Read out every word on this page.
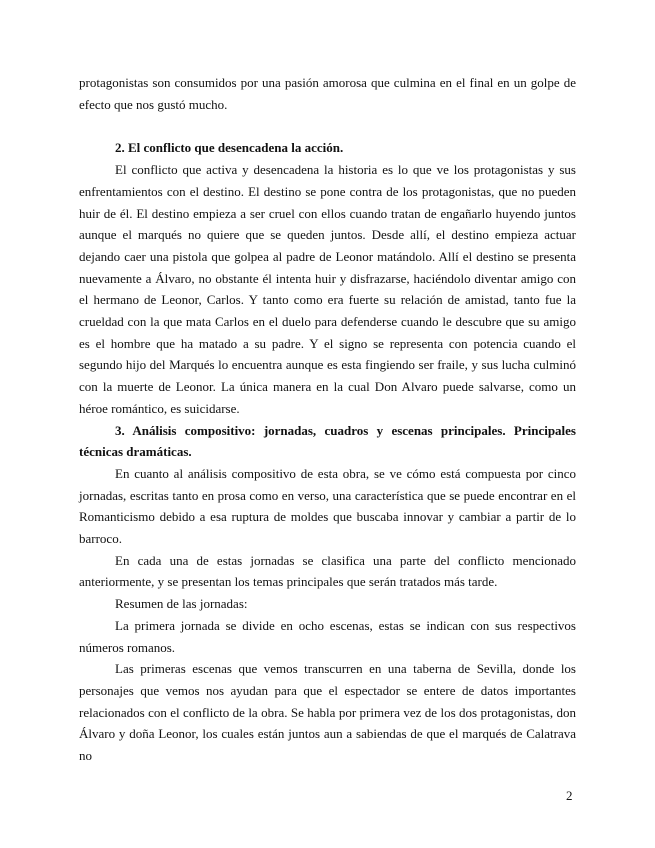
protagonistas son consumidos por una pasión amorosa que culmina en el final en un golpe de efecto que nos gustó mucho.

2. El conflicto que desencadena la acción.

El conflicto que activa y desencadena la historia es lo que ve los protagonistas y sus enfrentamientos con el destino. El destino se pone contra de los protagonistas, que no pueden huir de él. El destino empieza a ser cruel con ellos cuando tratan de engañarlo huyendo juntos aunque el marqués no quiere que se queden juntos. Desde allí, el destino empieza actuar dejando caer una pistola que golpea al padre de Leonor matándolo. Allí el destino se presenta nuevamente a Álvaro, no obstante él intenta huir y disfrazarse, haciéndolo diventar amigo con el hermano de Leonor, Carlos. Y tanto como era fuerte su relación de amistad, tanto fue la crueldad con la que mata Carlos en el duelo para defenderse cuando le descubre que su amigo es el hombre que ha matado a su padre. Y el signo se representa con potencia cuando el segundo hijo del Marqués lo encuentra aunque es esta fingiendo ser fraile, y sus lucha culminó con la muerte de Leonor. La única manera en la cual Don Alvaro puede salvarse, como un héroe romántico, es suicidarse.

3. Análisis compositivo: jornadas, cuadros y escenas principales. Principales técnicas dramáticas.

En cuanto al análisis compositivo de esta obra, se ve cómo está compuesta por cinco jornadas, escritas tanto en prosa como en verso, una característica que se puede encontrar en el Romanticismo debido a esa ruptura de moldes que buscaba innovar y cambiar a partir de lo barroco.

En cada una de estas jornadas se clasifica una parte del conflicto mencionado anteriormente, y se presentan los temas principales que serán tratados más tarde.

Resumen de las jornadas:

La primera jornada se divide en ocho escenas, estas se indican con sus respectivos números romanos.

Las primeras escenas que vemos transcurren en una taberna de Sevilla, donde los personajes que vemos nos ayudan para que el espectador se entere de datos importantes relacionados con el conflicto de la obra. Se habla por primera vez de los dos protagonistas, don Álvaro y doña Leonor, los cuales están juntos aun a sabiendas de que el marqués de Calatrava no

2
